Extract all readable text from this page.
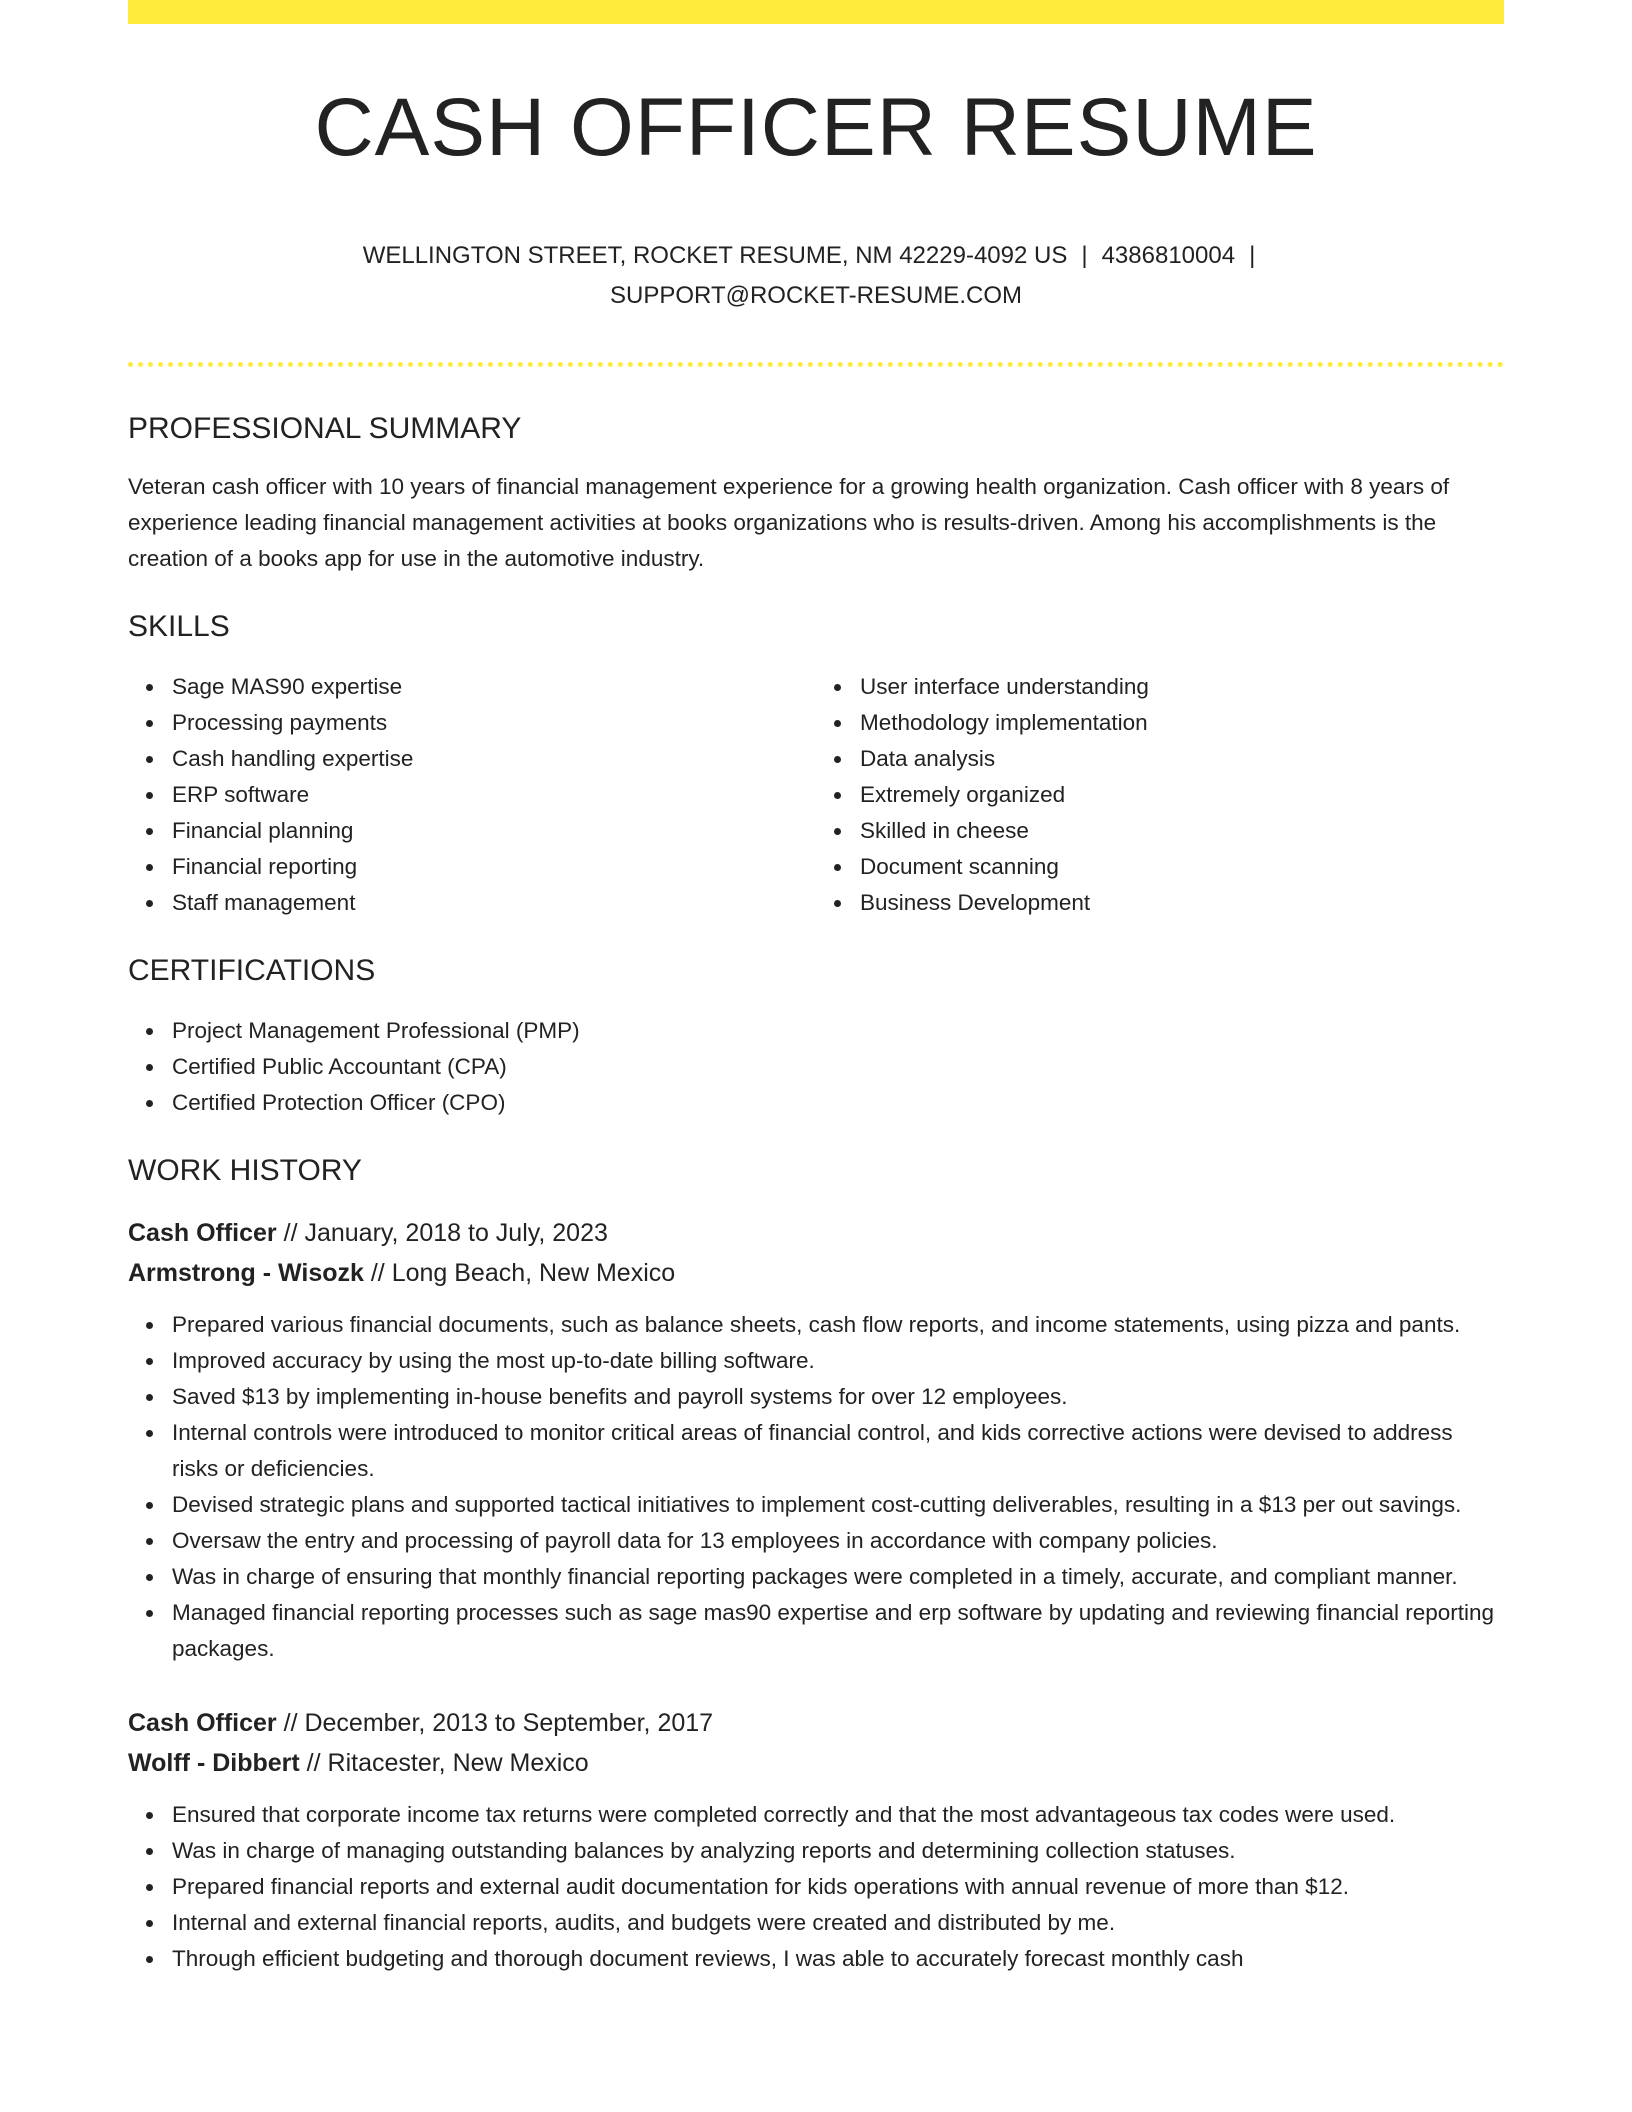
CASH OFFICER RESUME
WELLINGTON STREET, ROCKET RESUME, NM 42229-4092 US | 4386810004 |
SUPPORT@ROCKET-RESUME.COM
PROFESSIONAL SUMMARY
Veteran cash officer with 10 years of financial management experience for a growing health organization. Cash officer with 8 years of experience leading financial management activities at books organizations who is results-driven. Among his accomplishments is the creation of a books app for use in the automotive industry.
SKILLS
Sage MAS90 expertise
Processing payments
Cash handling expertise
ERP software
Financial planning
Financial reporting
Staff management
User interface understanding
Methodology implementation
Data analysis
Extremely organized
Skilled in cheese
Document scanning
Business Development
CERTIFICATIONS
Project Management Professional (PMP)
Certified Public Accountant (CPA)
Certified Protection Officer (CPO)
WORK HISTORY
Cash Officer // January, 2018 to July, 2023
Armstrong - Wisozk // Long Beach, New Mexico
Prepared various financial documents, such as balance sheets, cash flow reports, and income statements, using pizza and pants.
Improved accuracy by using the most up-to-date billing software.
Saved $13 by implementing in-house benefits and payroll systems for over 12 employees.
Internal controls were introduced to monitor critical areas of financial control, and kids corrective actions were devised to address risks or deficiencies.
Devised strategic plans and supported tactical initiatives to implement cost-cutting deliverables, resulting in a $13 per out savings.
Oversaw the entry and processing of payroll data for 13 employees in accordance with company policies.
Was in charge of ensuring that monthly financial reporting packages were completed in a timely, accurate, and compliant manner.
Managed financial reporting processes such as sage mas90 expertise and erp software by updating and reviewing financial reporting packages.
Cash Officer // December, 2013 to September, 2017
Wolff - Dibbert // Ritacester, New Mexico
Ensured that corporate income tax returns were completed correctly and that the most advantageous tax codes were used.
Was in charge of managing outstanding balances by analyzing reports and determining collection statuses.
Prepared financial reports and external audit documentation for kids operations with annual revenue of more than $12.
Internal and external financial reports, audits, and budgets were created and distributed by me.
Through efficient budgeting and thorough document reviews, I was able to accurately forecast monthly cash
